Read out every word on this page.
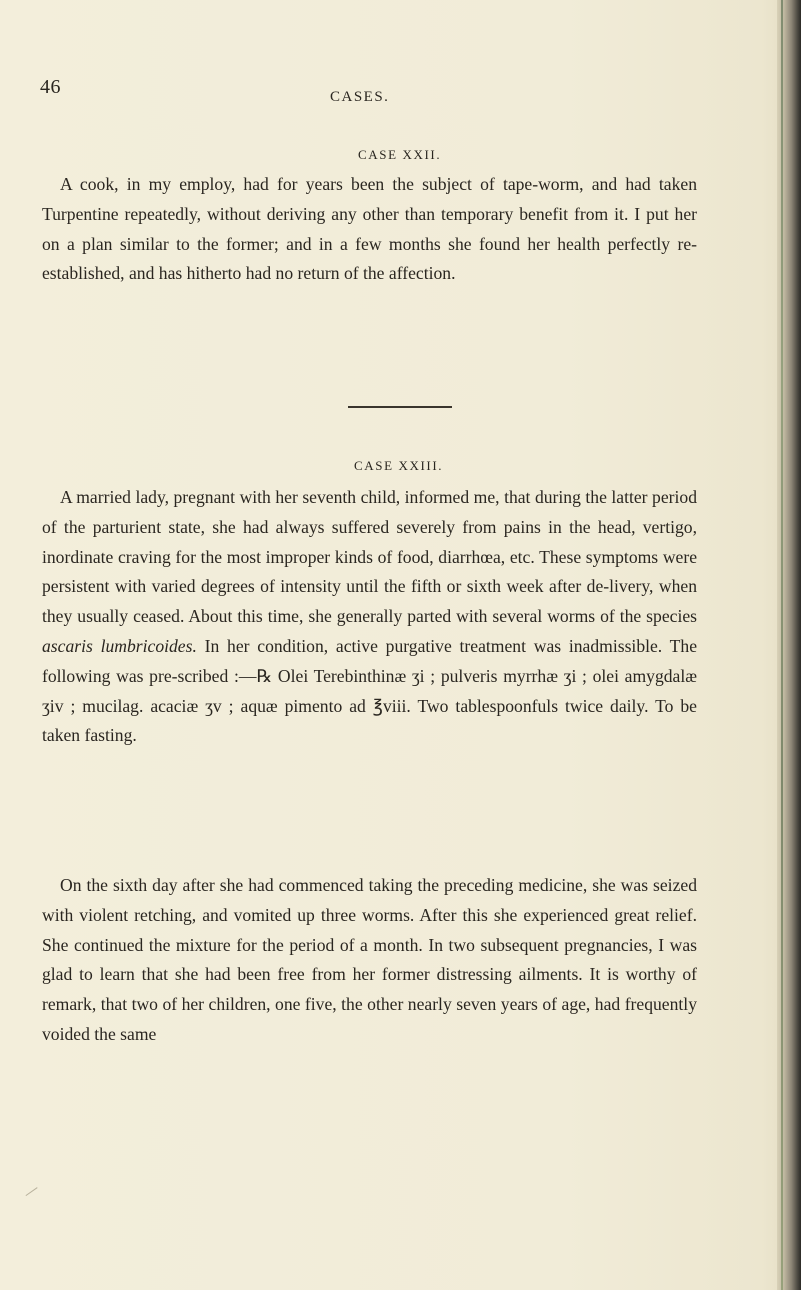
46	CASES.
CASE XXII.

A cook, in my employ, had for years been the subject of tape-worm, and had taken Turpentine repeatedly, without deriving any other than temporary benefit from it. I put her on a plan similar to the former; and in a few months she found her health perfectly re-established, and has hitherto had no return of the affection.

CASE XXIII.

A married lady, pregnant with her seventh child, informed me, that during the latter period of the parturient state, she had always suffered severely from pains in the head, vertigo, inordinate craving for the most improper kinds of food, diarrhœa, etc. These symptoms were persistent with varied degrees of intensity until the fifth or sixth week after de-livery, when they usually ceased. About this time, she generally parted with several worms of the species ascaris lumbricoides. In her condition, active purgative treatment was inadmissible. The following was pre-scribed :—℞ Olei Terebinthinæ ʒi ; pulveris myrrhæ ʒi ; olei amygdalæ ʒiv ; mucilag. acaciæ ʒv ; aquæ pimento ad ℥viii. Two tablespoonfuls twice daily. To be taken fasting.

On the sixth day after she had commenced taking the preceding medicine, she was seized with violent retching, and vomited up three worms. After this she experienced great relief. She continued the mixture for the period of a month. In two subsequent pregnancies, I was glad to learn that she had been free from her former distressing ailments. It is worthy of remark, that two of her children, one five, the other nearly seven years of age, had frequently voided the same
